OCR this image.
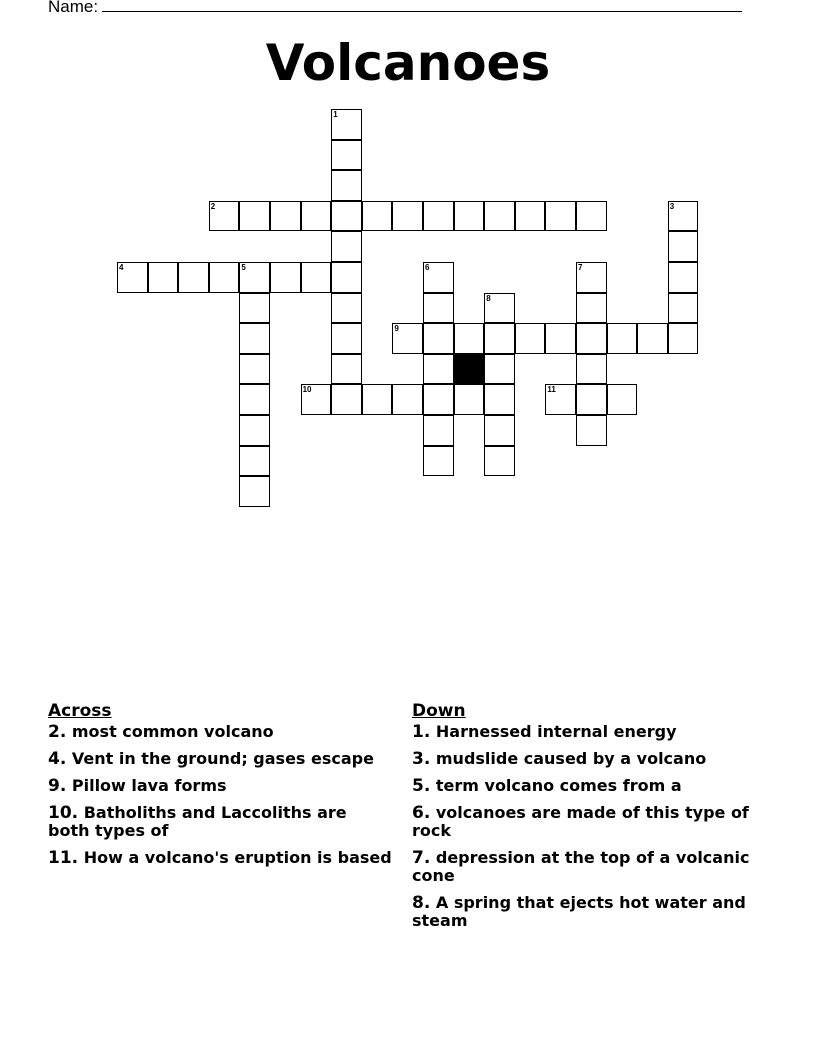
Name:
Volcanoes
1
2	3
4	5	6	7
8
9
10	11
Across
2. most common volcano
4. Vent in the ground; gases escape
9. Pillow lava forms
10. Batholiths and Laccoliths are both types of
11. How a volcano's eruption is based
Down
1. Harnessed internal energy
3. mudslide caused by a volcano
5. term volcano comes from a
6. volcanoes are made of this type of rock
7. depression at the top of a volcanic cone
8. A spring that ejects hot water and steam
